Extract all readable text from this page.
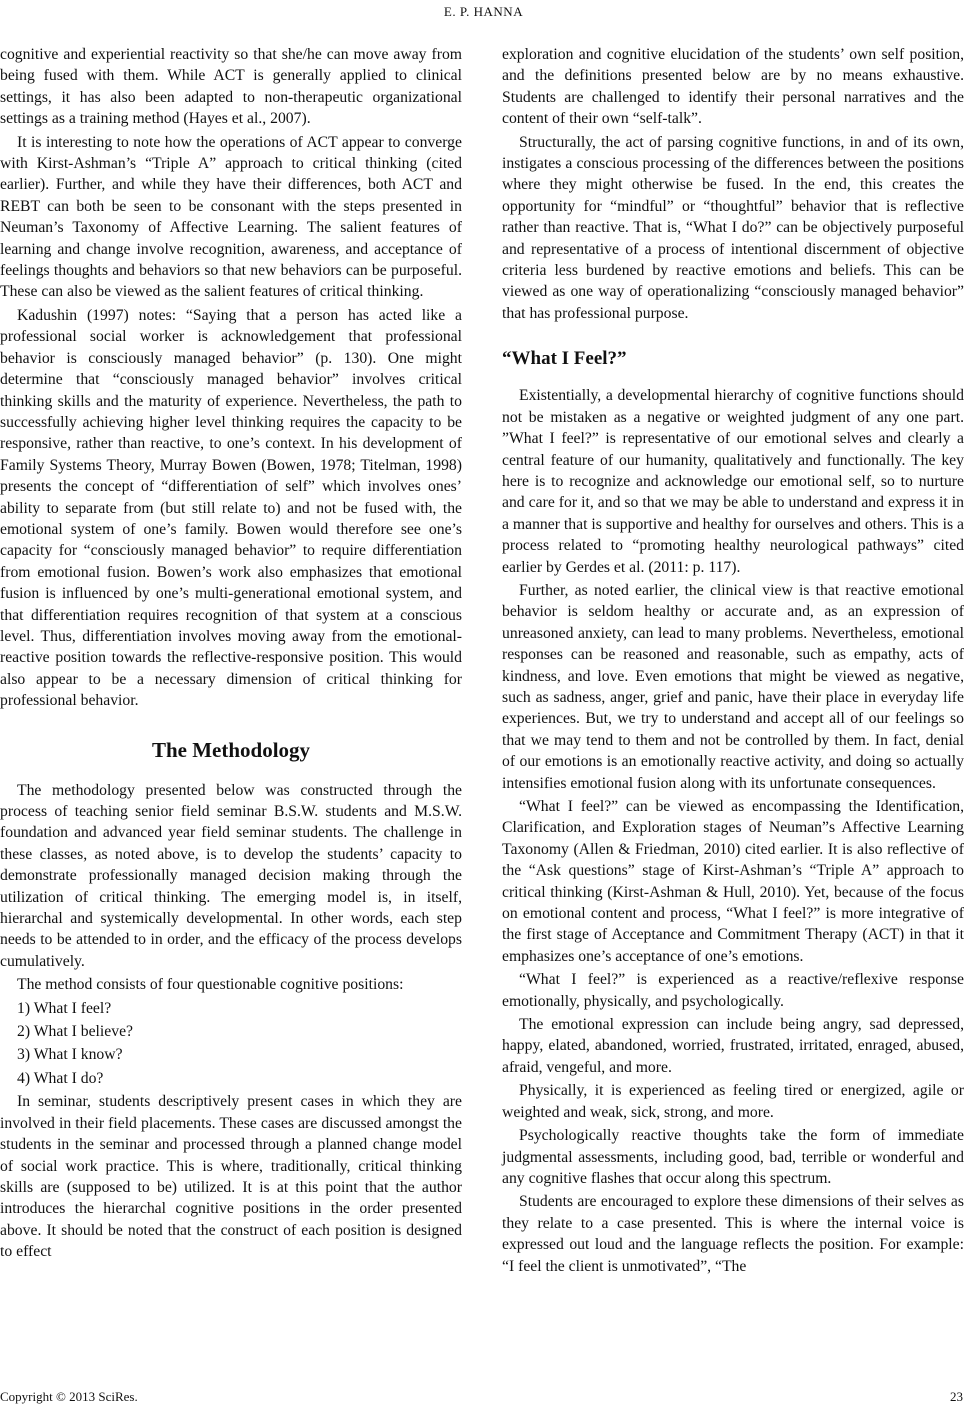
E. P. HANNA

cognitive and experiential reactivity so that she/he can move away from being fused with them. While ACT is generally applied to clinical settings, it has also been adapted to non-therapeutic organizational settings as a training method (Hayes et al., 2007).

It is interesting to note how the operations of ACT appear to converge with Kirst-Ashman’s “Triple A” approach to critical thinking (cited earlier). Further, and while they have their differences, both ACT and REBT can both be seen to be consonant with the steps presented in Neuman’s Taxonomy of Affective Learning. The salient features of learning and change involve recognition, awareness, and acceptance of feelings thoughts and behaviors so that new behaviors can be purposeful. These can also be viewed as the salient features of critical thinking.

Kadushin (1997) notes: “Saying that a person has acted like a professional social worker is acknowledgement that professional behavior is consciously managed behavior” (p. 130). One might determine that “consciously managed behavior” involves critical thinking skills and the maturity of experience. Nevertheless, the path to successfully achieving higher level thinking requires the capacity to be responsive, rather than reactive, to one’s context. In his development of Family Systems Theory, Murray Bowen (Bowen, 1978; Titelman, 1998) presents the concept of “differentiation of self” which involves ones’ ability to separate from (but still relate to) and not be fused with, the emotional system of one’s family. Bowen would therefore see one’s capacity for “consciously managed behavior” to require differentiation from emotional fusion. Bowen’s work also emphasizes that emotional fusion is influenced by one’s multi-generational emotional system, and that differentiation requires recognition of that system at a conscious level. Thus, differentiation involves moving away from the emotional-reactive position towards the reflective-responsive position. This would also appear to be a necessary dimension of critical thinking for professional behavior.

The Methodology

The methodology presented below was constructed through the process of teaching senior field seminar B.S.W. students and M.S.W. foundation and advanced year field seminar students. The challenge in these classes, as noted above, is to develop the students’ capacity to demonstrate professionally managed decision making through the utilization of critical thinking. The emerging model is, in itself, hierarchal and systemically developmental. In other words, each step needs to be attended to in order, and the efficacy of the process develops cumulatively.

The method consists of four questionable cognitive positions:

1) What I feel?

2) What I believe?

3) What I know?

4) What I do?

In seminar, students descriptively present cases in which they are involved in their field placements. These cases are discussed amongst the students in the seminar and processed through a planned change model of social work practice. This is where, traditionally, critical thinking skills are (supposed to be) utilized. It is at this point that the author introduces the hierarchal cognitive positions in the order presented above. It should be noted that the construct of each position is designed to effect

exploration and cognitive elucidation of the students’ own self position, and the definitions presented below are by no means exhaustive. Students are challenged to identify their personal narratives and the content of their own “self-talk”.

Structurally, the act of parsing cognitive functions, in and of its own, instigates a conscious processing of the differences between the positions where they might otherwise be fused. In the end, this creates the opportunity for “mindful” or “thoughtful” behavior that is reflective rather than reactive. That is, “What I do?” can be objectively purposeful and representative of a process of intentional discernment of objective criteria less burdened by reactive emotions and beliefs. This can be viewed as one way of operationalizing “consciously managed behavior” that has professional purpose.

“What I Feel?”

Existentially, a developmental hierarchy of cognitive functions should not be mistaken as a negative or weighted judgment of any one part. ”What I feel?” is representative of our emotional selves and clearly a central feature of our humanity, qualitatively and functionally. The key here is to recognize and acknowledge our emotional self, so to nurture and care for it, and so that we may be able to understand and express it in a manner that is supportive and healthy for ourselves and others. This is a process related to “promoting healthy neurological pathways” cited earlier by Gerdes et al. (2011: p. 117).

Further, as noted earlier, the clinical view is that reactive emotional behavior is seldom healthy or accurate and, as an expression of unreasoned anxiety, can lead to many problems. Nevertheless, emotional responses can be reasoned and reasonable, such as empathy, acts of kindness, and love. Even emotions that might be viewed as negative, such as sadness, anger, grief and panic, have their place in everyday life experiences. But, we try to understand and accept all of our feelings so that we may tend to them and not be controlled by them. In fact, denial of our emotions is an emotionally reactive activity, and doing so actually intensifies emotional fusion along with its unfortunate consequences.

“What I feel?” can be viewed as encompassing the Identification, Clarification, and Exploration stages of Neuman”s Affective Learning Taxonomy (Allen & Friedman, 2010) cited earlier. It is also reflective of the “Ask questions” stage of Kirst-Ashman’s “Triple A” approach to critical thinking (Kirst-Ashman & Hull, 2010). Yet, because of the focus on emotional content and process, “What I feel?” is more integrative of the first stage of Acceptance and Commitment Therapy (ACT) in that it emphasizes one’s acceptance of one’s emotions.

“What I feel?” is experienced as a reactive/reflexive response emotionally, physically, and psychologically.

The emotional expression can include being angry, sad depressed, happy, elated, abandoned, worried, frustrated, irritated, enraged, abused, afraid, vengeful, and more.

Physically, it is experienced as feeling tired or energized, agile or weighted and weak, sick, strong, and more.

Psychologically reactive thoughts take the form of immediate judgmental assessments, including good, bad, terrible or wonderful and any cognitive flashes that occur along this spectrum.

Students are encouraged to explore these dimensions of their selves as they relate to a case presented. This is where the internal voice is expressed out loud and the language reflects the position. For example: “I feel the client is unmotivated”, “The

Copyright © 2013 SciRes.	23
